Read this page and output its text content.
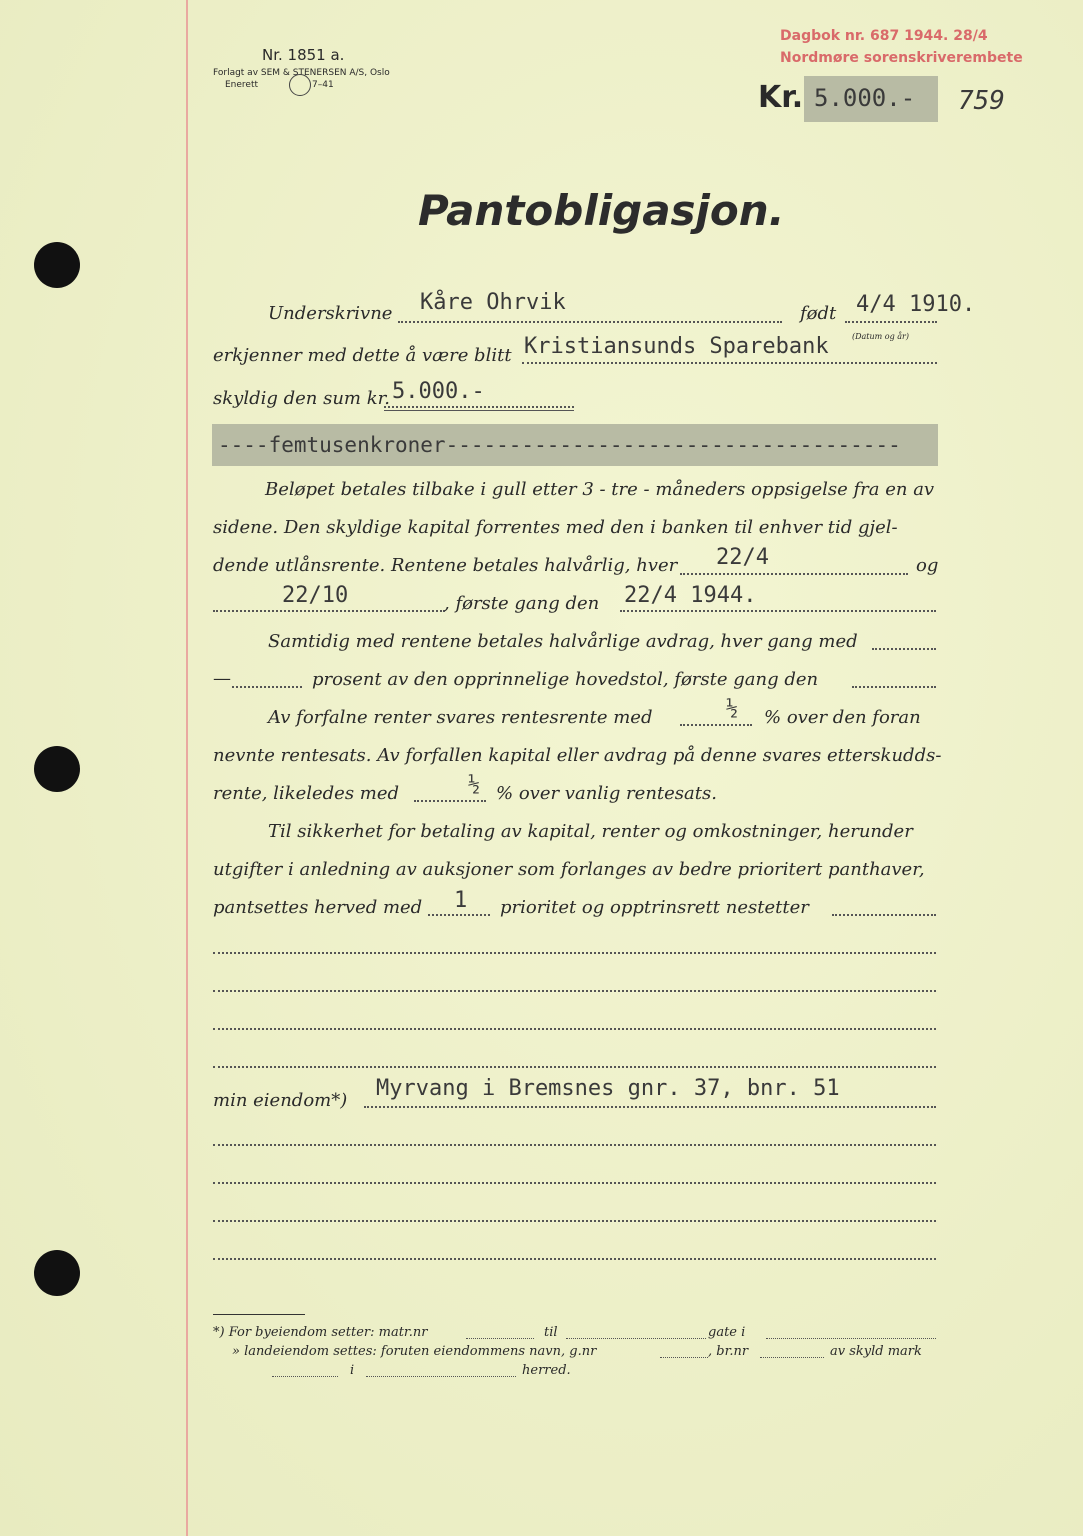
Nr. 1851 a.
Forlagt av SEM & STENERSEN A/S, Oslo
Enerett	7–41
Dagbok nr. 687 1944. 28/4
Nordmøre sorenskriverembete
Kr. 5.000.- 759
Pantobligasjon.
Underskrivne Kåre Ohrvik	født 4/4 1910.
(Datum og år)
erkjenner med dette å være blitt Kristiansunds Sparebank
skyldig den sum kr. 5.000.-
----femtusenkroner------------------------------------
Beløpet betales tilbake i gull etter 3 - tre - måneders oppsigelse fra en av
sidene. Den skyldige kapital forrentes med den i banken til enhver tid gjel-
dende utlånsrente. Rentene betales halvårlig, hver 22/4	og
22/10	, første gang den 22/4 1944.
Samtidig med rentene betales halvårlige avdrag, hver gang med
—	prosent av den opprinnelige hovedstol, første gang den
Av forfalne renter svares rentesrente med	½ % over den foran
nevnte rentesats. Av forfallen kapital eller avdrag på denne svares etterskudds-
rente, likeledes med	½ % over vanlig rentesats.
Til sikkerhet for betaling av kapital, renter og omkostninger, herunder
utgifter i anledning av auksjoner som forlanges av bedre prioritert panthaver,
pantsettes herved med 1 prioritet og opptrinsrett nestetter
min eiendom*) Myrvang i Bremsnes gnr. 37, bnr. 51
*) For byeiendom setter: matr.nr	til	gate i
» landeiendom settes: foruten eiendommens navn, g.nr	, br.nr	av skyld mark
i	herred.
